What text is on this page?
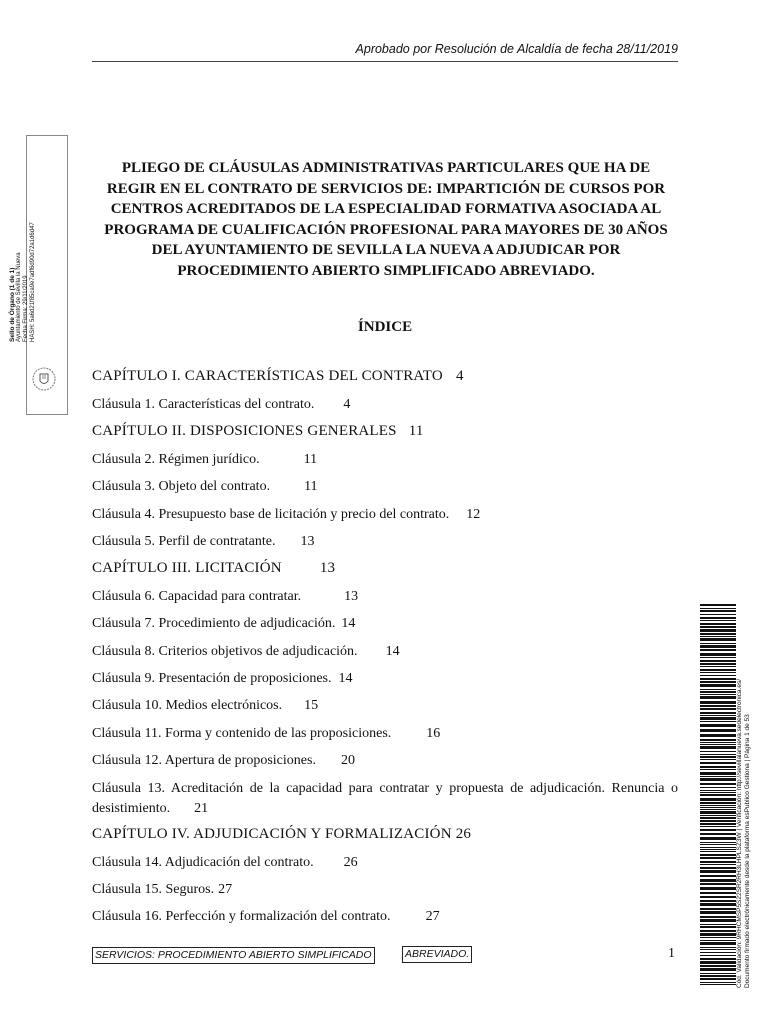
Aprobado por Resolución de Alcaldía de fecha 28/11/2019
Sello de Órgano (1 de 1) Ayuntamiento de Sevilla la Nueva Fecha Firma: 29/11/2019 HASH: 5a6d21f85ca9e7adf6d90d72a1d6d47
PLIEGO DE CLÁUSULAS ADMINISTRATIVAS PARTICULARES QUE HA DE
REGIR EN EL CONTRATO DE SERVICIOS DE: IMPARTICIÓN DE CURSOS POR
CENTROS ACREDITADOS DE LA ESPECIALIDAD FORMATIVA ASOCIADA AL
PROGRAMA DE CUALIFICACIÓN PROFESIONAL PARA MAYORES DE 30 AÑOS
DEL AYUNTAMIENTO DE SEVILLA LA NUEVA A ADJUDICAR POR
PROCEDIMIENTO ABIERTO SIMPLIFICADO ABREVIADO.
ÍNDICE
CAPÍTULO I. CARACTERÍSTICAS DEL CONTRATO 4
Cláusula 1. Características del contrato. 4
CAPÍTULO II. DISPOSICIONES GENERALES 11
Cláusula 2. Régimen jurídico.	11
Cláusula 3. Objeto del contrato. 11
Cláusula 4. Presupuesto base de licitación y precio del contrato. 12
Cláusula 5. Perfil de contratante. 13
CAPÍTULO III. LICITACIÓN	13
Cláusula 6. Capacidad para contratar.	13
Cláusula 7. Procedimiento de adjudicación. 14
Cláusula 8. Criterios objetivos de adjudicación. 14
Cláusula 9. Presentación de proposiciones. 14
Cláusula 10. Medios electrónicos. 15
Cláusula 11. Forma y contenido de las proposiciones.	16
Cláusula 12. Apertura de proposiciones. 20
Cláusula 13. Acreditación de la capacidad para contratar y propuesta de adjudicación. Renuncia o desistimiento. 21
CAPÍTULO IV. ADJUDICACIÓN Y FORMALIZACIÓN 26
Cláusula 14. Adjudicación del contrato. 26
Cláusula 15. Seguros. 27
Cláusula 16. Perfección y formalización del contrato.	27
SERVICIOS: PROCEDIMIENTO ABIERTO SIMPLIFICADO	ABREVIADO.	1	Cód. Validación: 9RHCMSP5S22SR2RH3LHPLSZ3W | Verificación: http://sevillalanueva.sedelectronica.es/ Documento firmado electrónicamente desde la plataforma esPublico Gestiona | Página 1 de 53
